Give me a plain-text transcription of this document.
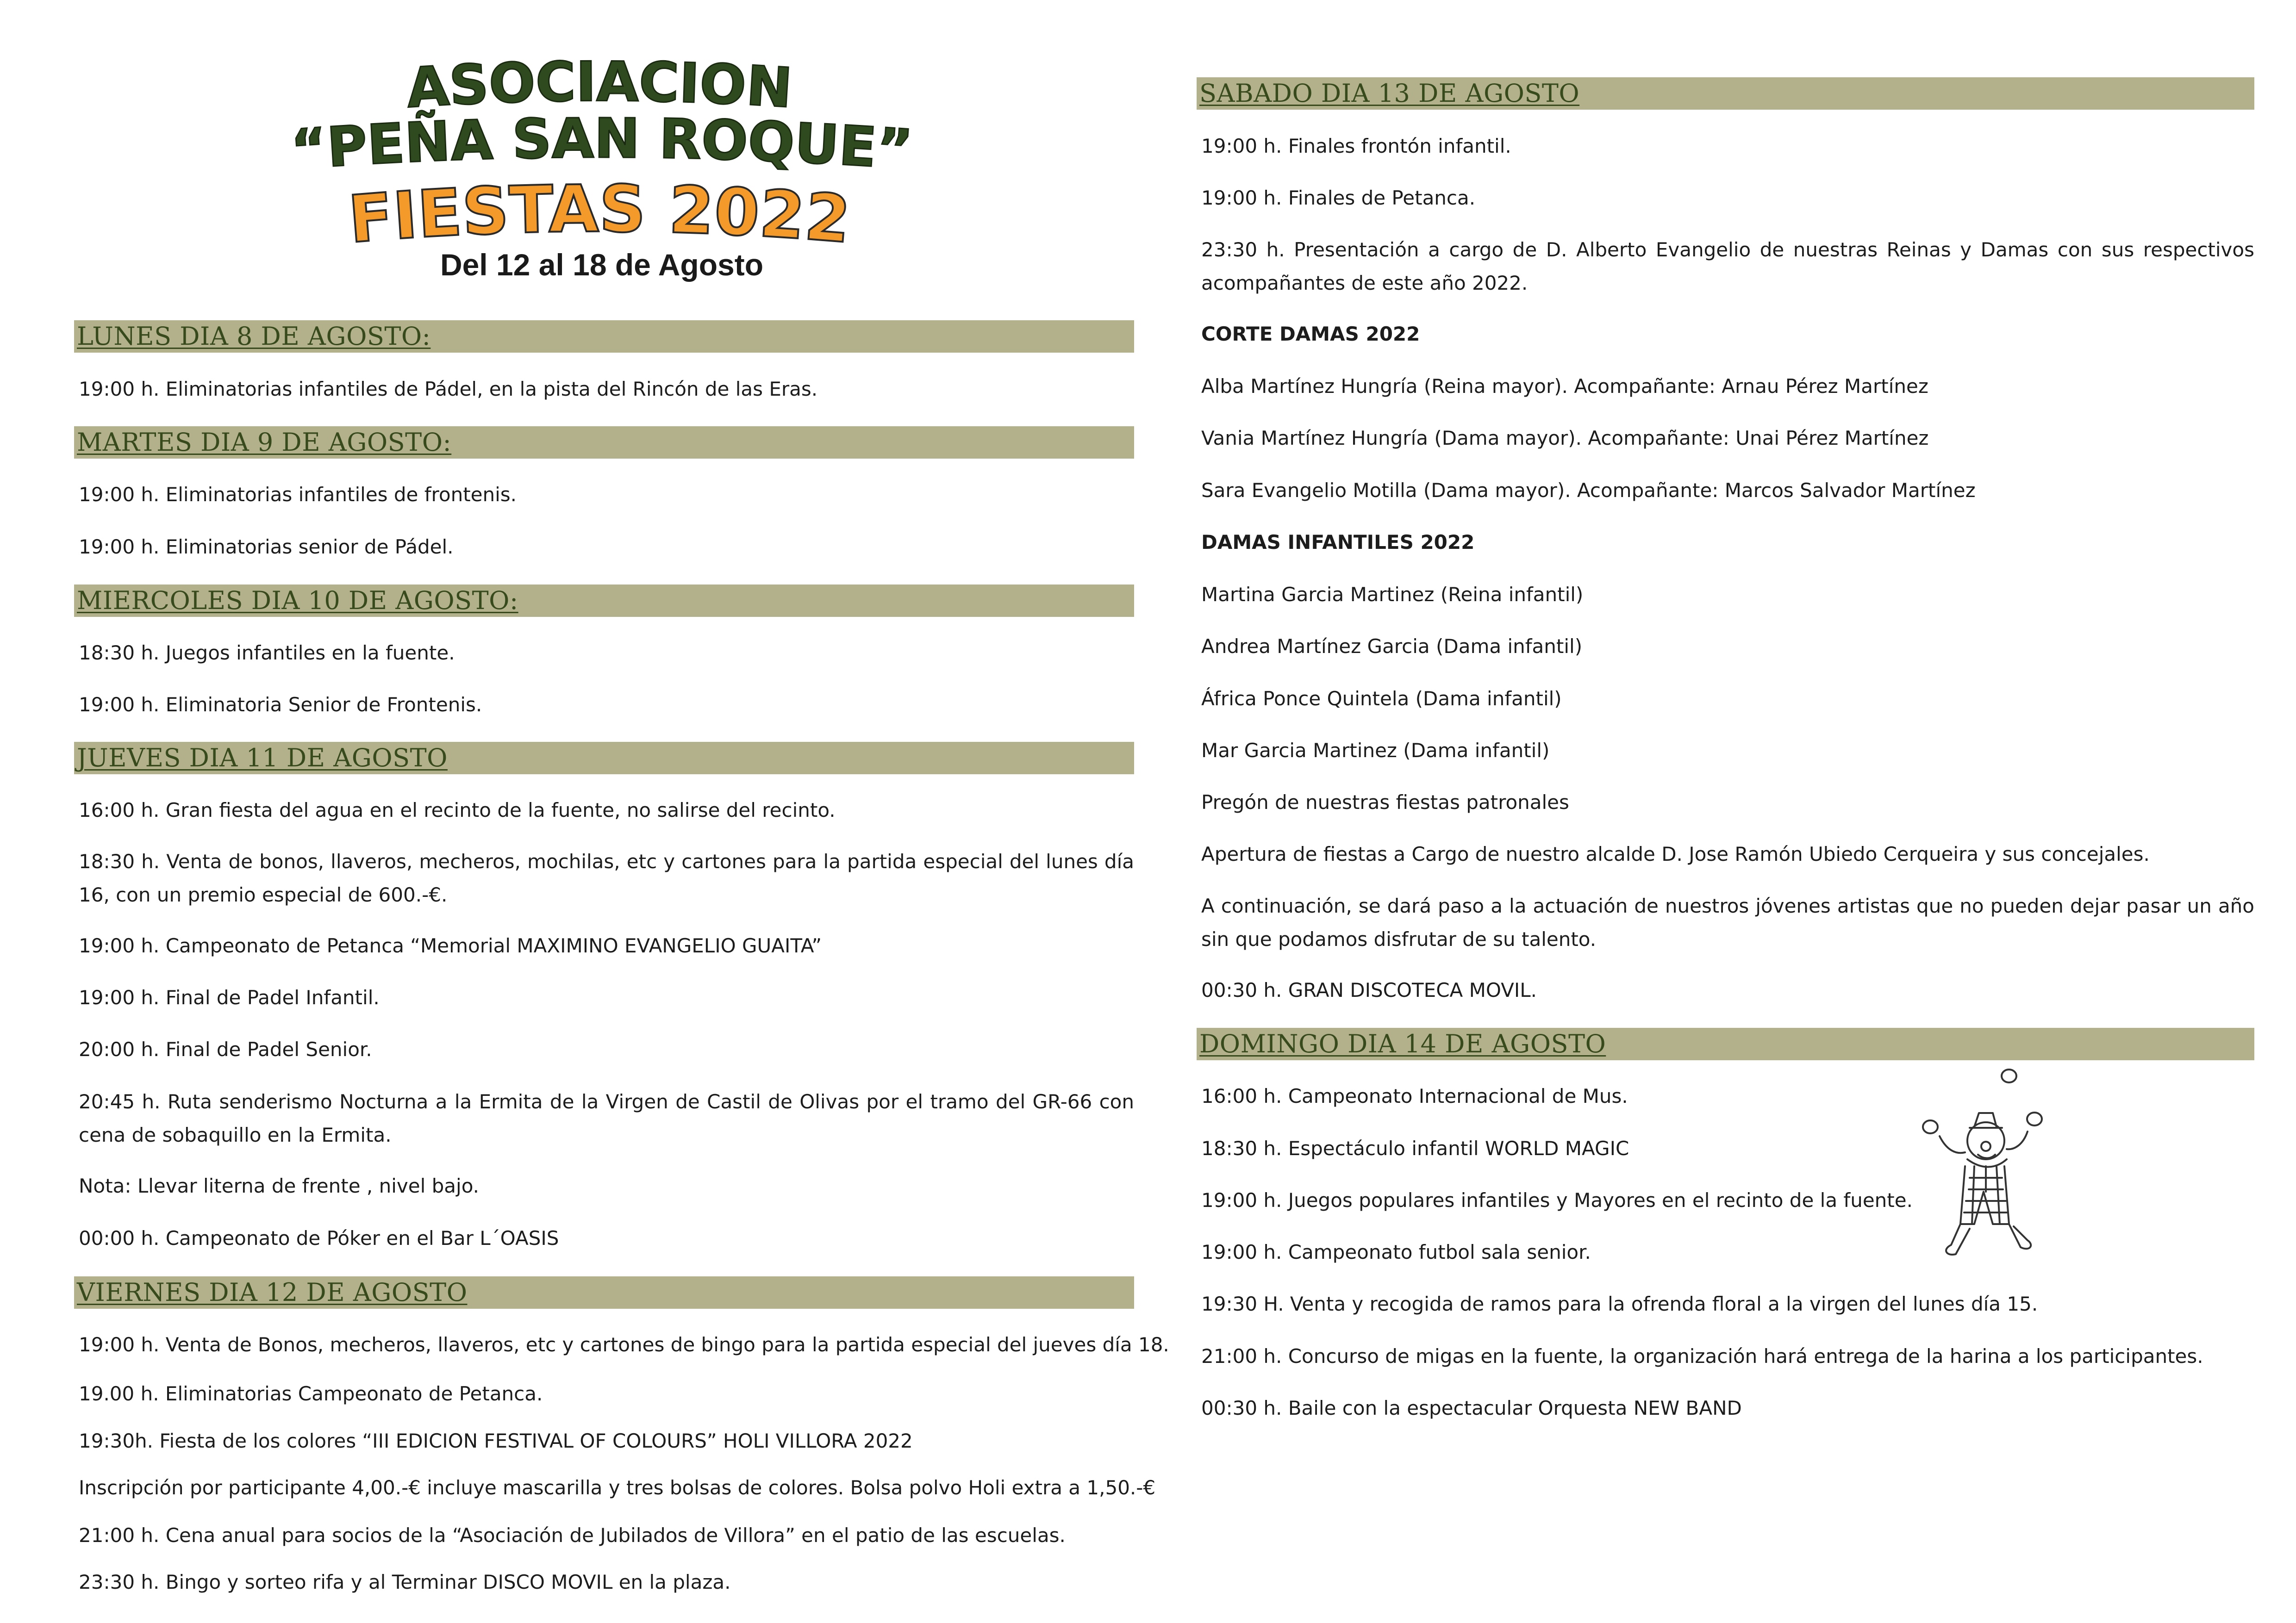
ASOCIACION
“PEÑA SAN ROQUE”
FIESTAS 2022
Del 12 al 18 de Agosto
LUNES DIA 8 DE AGOSTO:
19:00 h. Eliminatorias infantiles de Pádel, en la pista del Rincón de las Eras.
MARTES DIA 9 DE AGOSTO:
19:00 h. Eliminatorias infantiles de frontenis.
19:00 h. Eliminatorias senior de Pádel.
MIERCOLES DIA 10 DE AGOSTO:
18:30 h. Juegos infantiles en la fuente.
19:00 h. Eliminatoria Senior de Frontenis.
JUEVES DIA 11 DE AGOSTO
16:00 h. Gran fiesta del agua en el recinto de la fuente, no salirse del recinto.
18:30 h. Venta de bonos, llaveros, mecheros, mochilas, etc y cartones para la partida especial del lunes día 16, con un premio especial de 600.-€.
19:00 h. Campeonato de Petanca “Memorial MAXIMINO EVANGELIO GUAITA”
19:00 h. Final de Padel Infantil.
20:00 h. Final de Padel Senior.
20:45 h. Ruta senderismo Nocturna a la Ermita de la Virgen de Castil de Olivas por el tramo del GR-66 con cena de sobaquillo en la Ermita.
Nota: Llevar literna de frente , nivel bajo.
00:00 h. Campeonato de Póker en el Bar L´OASIS
VIERNES DIA 12 DE AGOSTO
19:00 h. Venta de Bonos, mecheros, llaveros, etc y cartones de bingo para la partida especial del jueves día 18.
19.00 h. Eliminatorias Campeonato de Petanca.
19:30h. Fiesta de los colores “III EDICION FESTIVAL OF COLOURS” HOLI VILLORA 2022
Inscripción por participante 4,00.-€ incluye mascarilla y tres bolsas de colores. Bolsa polvo Holi extra a 1,50.-€
21:00 h. Cena anual para socios de la “Asociación de Jubilados de Villora” en el patio de las escuelas.
23:30 h. Bingo y sorteo rifa y al Terminar DISCO MOVIL en la plaza.
SABADO DIA 13 DE AGOSTO
19:00 h. Finales frontón infantil.
19:00 h. Finales de Petanca.
23:30 h. Presentación a cargo de D. Alberto Evangelio de nuestras Reinas y Damas con sus respectivos acompañantes de este año 2022.
CORTE DAMAS 2022
Alba Martínez Hungría (Reina mayor). Acompañante: Arnau Pérez Martínez
Vania Martínez Hungría (Dama mayor). Acompañante: Unai Pérez Martínez
Sara Evangelio Motilla (Dama mayor). Acompañante: Marcos Salvador Martínez
DAMAS INFANTILES 2022
Martina Garcia Martinez (Reina infantil)
Andrea Martínez Garcia (Dama infantil)
África Ponce Quintela (Dama infantil)
Mar Garcia Martinez (Dama infantil)
Pregón de nuestras fiestas patronales
Apertura de fiestas a Cargo de nuestro alcalde D. Jose Ramón Ubiedo Cerqueira y sus concejales.
A continuación, se dará paso a la actuación de nuestros jóvenes artistas que no pueden dejar pasar un año sin que podamos disfrutar de su talento.
00:30 h. GRAN DISCOTECA MOVIL.
DOMINGO DIA 14 DE AGOSTO
16:00 h. Campeonato Internacional de Mus.
18:30 h. Espectáculo infantil WORLD MAGIC
19:00 h. Juegos populares infantiles y Mayores en el recinto de la fuente.
19:00 h. Campeonato futbol sala senior.
19:30 H. Venta y recogida de ramos para la ofrenda floral a la virgen del lunes día 15.
21:00 h. Concurso de migas en la fuente, la organización hará entrega de la harina a los participantes.
00:30 h. Baile con la espectacular Orquesta NEW BAND
